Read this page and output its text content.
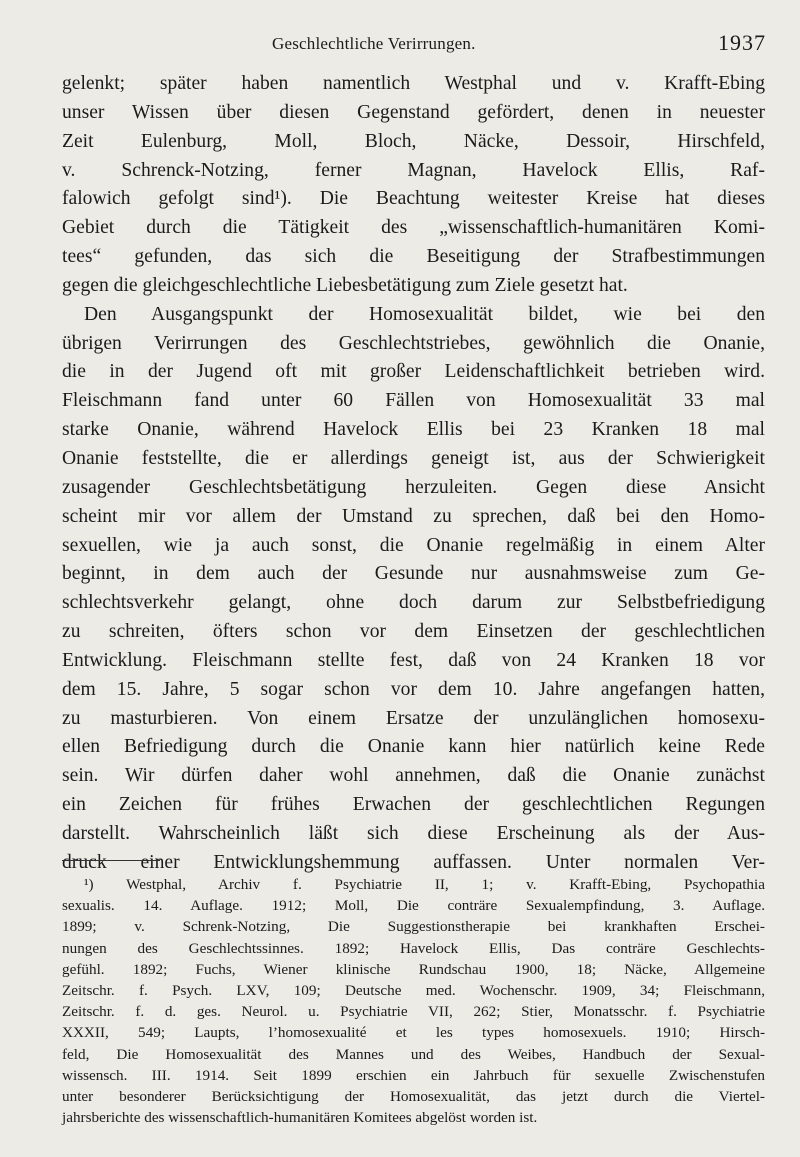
Geschlechtliche Verirrungen.	1937
gelenkt; später haben namentlich Westphal und v. Krafft-Ebing
unser Wissen über diesen Gegenstand gefördert, denen in neuester
Zeit Eulenburg, Moll, Bloch, Näcke, Dessoir, Hirschfeld,
v. Schrenck-Notzing, ferner Magnan, Havelock Ellis, Raf-
falowich gefolgt sind¹). Die Beachtung weitester Kreise hat dieses
Gebiet durch die Tätigkeit des „wissenschaftlich-humanitären Komi-
tees“ gefunden, das sich die Beseitigung der Strafbestimmungen
gegen die gleichgeschlechtliche Liebesbetätigung zum Ziele gesetzt hat.
Den Ausgangspunkt der Homosexualität bildet, wie bei den
übrigen Verirrungen des Geschlechtstriebes, gewöhnlich die Onanie,
die in der Jugend oft mit großer Leidenschaftlichkeit betrieben wird.
Fleischmann fand unter 60 Fällen von Homosexualität 33 mal
starke Onanie, während Havelock Ellis bei 23 Kranken 18 mal
Onanie feststellte, die er allerdings geneigt ist, aus der Schwierigkeit
zusagender Geschlechtsbetätigung herzuleiten. Gegen diese Ansicht
scheint mir vor allem der Umstand zu sprechen, daß bei den Homo-
sexuellen, wie ja auch sonst, die Onanie regelmäßig in einem Alter
beginnt, in dem auch der Gesunde nur ausnahmsweise zum Ge-
schlechtsverkehr gelangt, ohne doch darum zur Selbstbefriedigung
zu schreiten, öfters schon vor dem Einsetzen der geschlechtlichen
Entwicklung. Fleischmann stellte fest, daß von 24 Kranken 18 vor
dem 15. Jahre, 5 sogar schon vor dem 10. Jahre angefangen hatten,
zu masturbieren. Von einem Ersatze der unzulänglichen homosexu-
ellen Befriedigung durch die Onanie kann hier natürlich keine Rede
sein. Wir dürfen daher wohl annehmen, daß die Onanie zunächst
ein Zeichen für frühes Erwachen der geschlechtlichen Regungen
darstellt. Wahrscheinlich läßt sich diese Erscheinung als der Aus-
druck einer Entwicklungshemmung auffassen. Unter normalen Ver-
¹) Westphal, Archiv f. Psychiatrie II, 1; v. Krafft-Ebing, Psychopathia
sexualis. 14. Auflage. 1912; Moll, Die conträre Sexualempfindung, 3. Auflage.
1899; v. Schrenk-Notzing, Die Suggestionstherapie bei krankhaften Erschei-
nungen des Geschlechtssinnes. 1892; Havelock Ellis, Das conträre Geschlechts-
gefühl. 1892; Fuchs, Wiener klinische Rundschau 1900, 18; Näcke, Allgemeine
Zeitschr. f. Psych. LXV, 109; Deutsche med. Wochenschr. 1909, 34; Fleischmann,
Zeitschr. f. d. ges. Neurol. u. Psychiatrie VII, 262; Stier, Monatsschr. f. Psychiatrie
XXXII, 549; Laupts, l’homosexualité et les types homosexuels. 1910; Hirsch-
feld, Die Homosexualität des Mannes und des Weibes, Handbuch der Sexual-
wissensch. III. 1914. Seit 1899 erschien ein Jahrbuch für sexuelle Zwischenstufen
unter besonderer Berücksichtigung der Homosexualität, das jetzt durch die Viertel-
jahrsberichte des wissenschaftlich-humanitären Komitees abgelöst worden ist.
